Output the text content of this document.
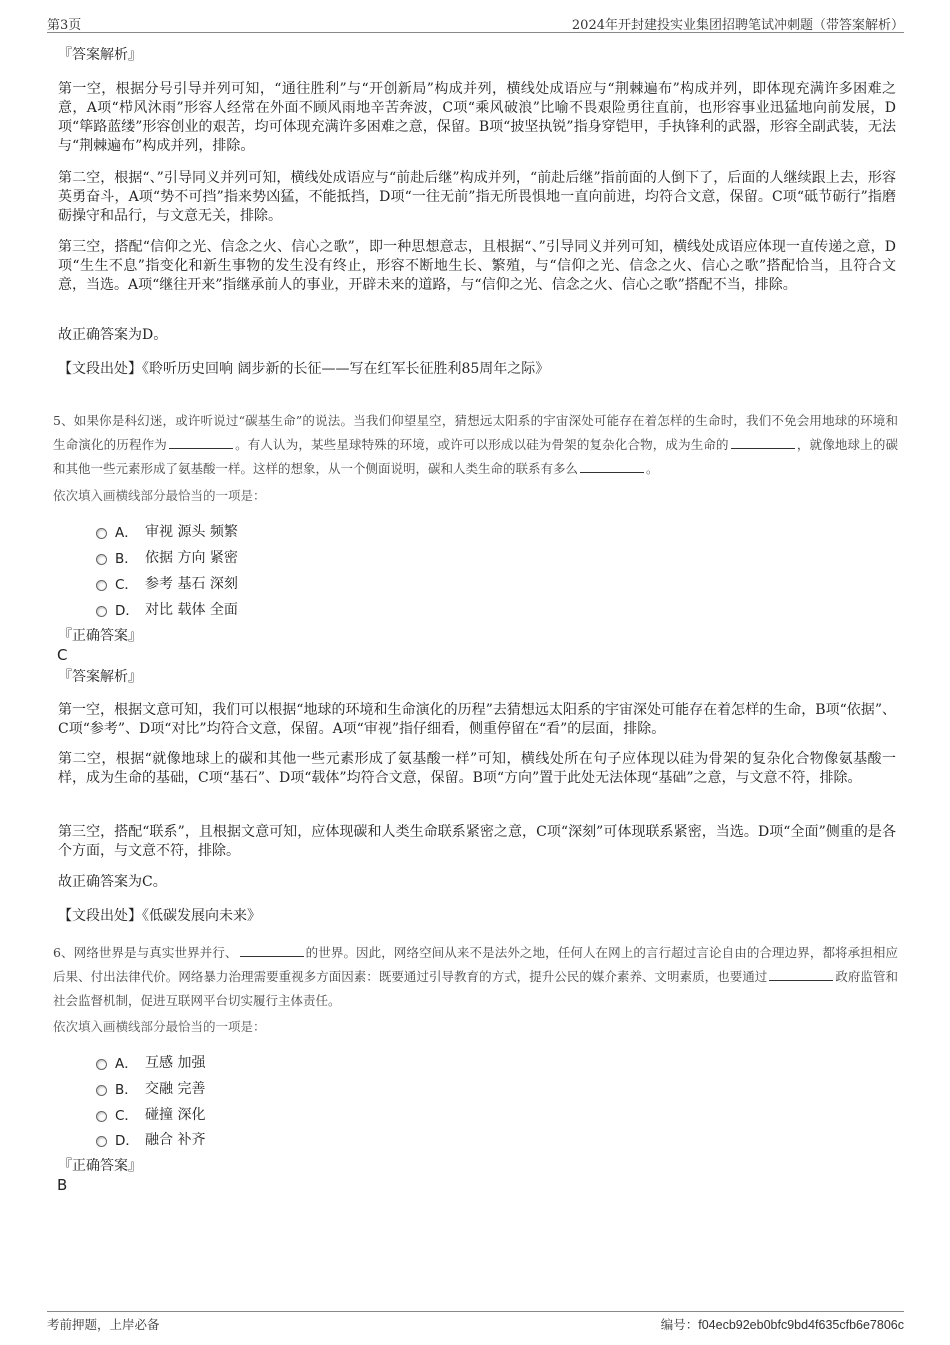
第3页	2024年开封建投实业集团招聘笔试冲刺题（带答案解析）
『答案解析』

第一空，根据分号引导并列可知，“通往胜利”与“开创新局”构成并列，横线处成语应与“荆棘遍布”构成并列，即体现充满许多困难之意，A项“栉风沐雨”形容人经常在外面不顾风雨地辛苦奔波，C项“乘风破浪”比喻不畏艰险勇往直前，也形容事业迅猛地向前发展，D项“筚路蓝缕”形容创业的艰苦，均可体现充满许多困难之意，保留。B项“披坚执锐”指身穿铠甲，手执锋利的武器，形容全副武装，无法与“荆棘遍布”构成并列，排除。

第二空，根据“、”引导同义并列可知，横线处成语应与“前赴后继”构成并列，“前赴后继”指前面的人倒下了，后面的人继续跟上去，形容英勇奋斗，A项“势不可挡”指来势凶猛，不能抵挡，D项“一往无前”指无所畏惧地一直向前进，均符合文意，保留。C项“砥节砺行”指磨砺操守和品行，与文意无关，排除。

第三空，搭配“信仰之光、信念之火、信心之歌”，即一种思想意志，且根据“、”引导同义并列可知，横线处成语应体现一直传递之意，D项“生生不息”指变化和新生事物的发生没有终止，形容不断地生长、繁殖，与“信仰之光、信念之火、信心之歌”搭配恰当，且符合文意，当选。A项“继往开来”指继承前人的事业，开辟未来的道路，与“信仰之光、信念之火、信心之歌”搭配不当，排除。

故正确答案为D。

【文段出处】《聆听历史回响 阔步新的长征——写在红军长征胜利85周年之际》

5、如果你是科幻迷，或许听说过“碳基生命”的说法。当我们仰望星空，猜想远太阳系的宇宙深处可能存在着怎样的生命时，我们不免会用地球的环境和生命演化的历程作为	。有人认为，某些星球特殊的环境，或许可以形成以硅为骨架的复杂化合物，成为生命的	，就像地球上的碳和其他一些元素形成了氨基酸一样。这样的想象，从一个侧面说明，碳和人类生命的联系有多么	。

依次填入画横线部分最恰当的一项是：
A． 审视 源头 频繁
B． 依据 方向 紧密
C． 参考 基石 深刻
D． 对比 载体 全面
『正确答案』
C
『答案解析』

第一空，根据文意可知，我们可以根据“地球的环境和生命演化的历程”去猜想远太阳系的宇宙深处可能存在着怎样的生命，B项“依据”、C项“参考”、D项“对比”均符合文意，保留。A项“审视”指仔细看，侧重停留在“看”的层面，排除。

第二空，根据“就像地球上的碳和其他一些元素形成了氨基酸一样”可知，横线处所在句子应体现以硅为骨架的复杂化合物像氨基酸一样，成为生命的基础，C项“基石”、D项“载体”均符合文意，保留。B项“方向”置于此处无法体现“基础”之意，与文意不符，排除。

第三空，搭配“联系”，且根据文意可知，应体现碳和人类生命联系紧密之意，C项“深刻”可体现联系紧密，当选。D项“全面”侧重的是各个方面，与文意不符，排除。

故正确答案为C。

【文段出处】《低碳发展向未来》

6、网络世界是与真实世界并行、	的世界。因此，网络空间从来不是法外之地，任何人在网上的言行超过言论自由的合理边界，都将承担相应后果、付出法律代价。网络暴力治理需要重视多方面因素：既要通过引导教育的方式，提升公民的媒介素养、文明素质，也要通过	政府监管和社会监督机制，促进互联网平台切实履行主体责任。

依次填入画横线部分最恰当的一项是：
A． 互感 加强
B． 交融 完善
C． 碰撞 深化
D． 融合 补齐
『正确答案』
B
考前押题，上岸必备	编号：f04ecb92eb0bfc9bd4f635cfb6e7806c
